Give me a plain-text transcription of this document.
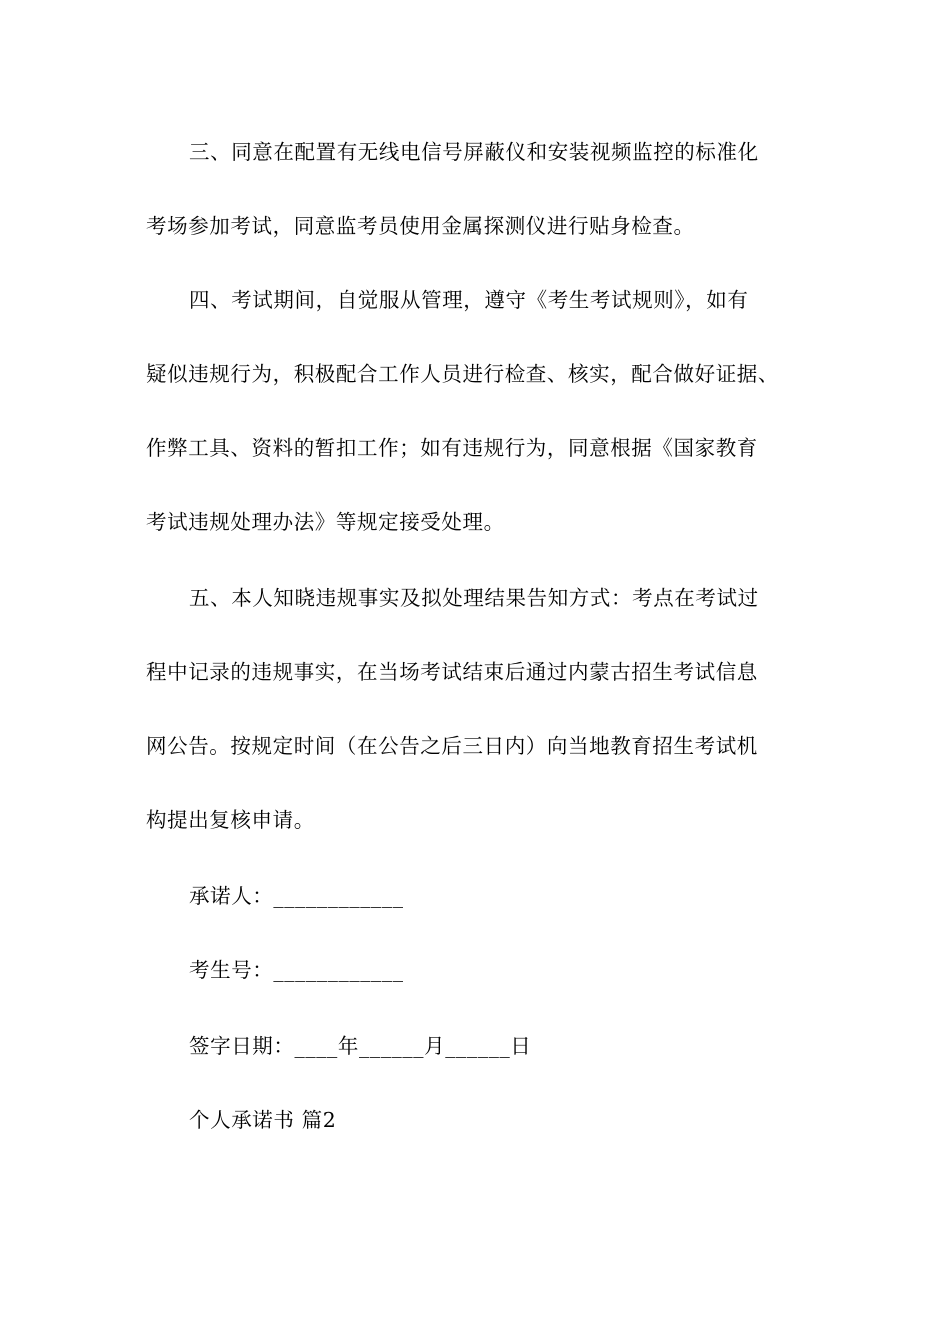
三、同意在配置有无线电信号屏蔽仪和安装视频监控的标准化
考场参加考试，同意监考员使用金属探测仪进行贴身检查。
四、考试期间，自觉服从管理，遵守《考生考试规则》，如有
疑似违规行为，积极配合工作人员进行检查、核实，配合做好证据、
作弊工具、资料的暂扣工作；如有违规行为，同意根据《国家教育
考试违规处理办法》等规定接受处理。
五、本人知晓违规事实及拟处理结果告知方式：考点在考试过
程中记录的违规事实，在当场考试结束后通过内蒙古招生考试信息
网公告。按规定时间（在公告之后三日内）向当地教育招生考试机
构提出复核申请。
承诺人：____________
考生号：____________
签字日期：____年______月______日
个人承诺书 篇2
